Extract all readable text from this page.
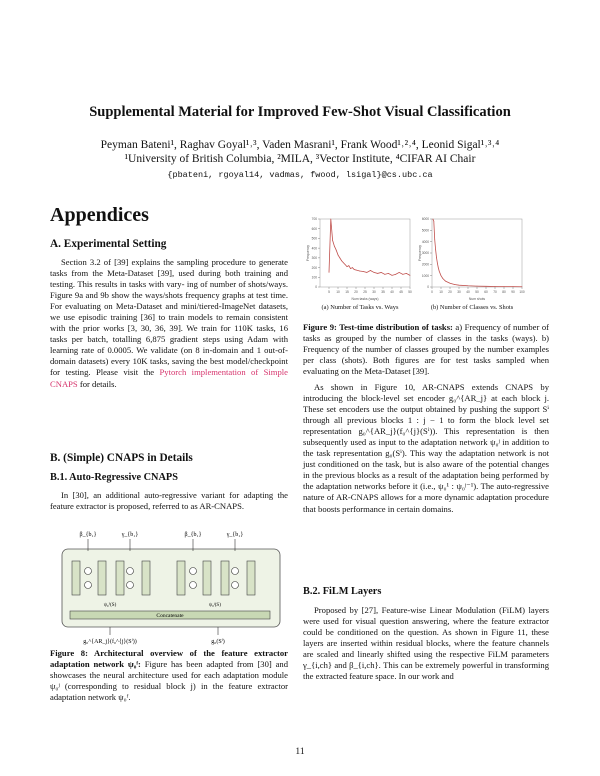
Supplemental Material for Improved Few-Shot Visual Classification
Peyman Bateni¹, Raghav Goyal¹˒³, Vaden Masrani¹, Frank Wood¹˒²˒⁴, Leonid Sigal¹˒³˒⁴
¹University of British Columbia, ²MILA, ³Vector Institute, ⁴CIFAR AI Chair
{pbateni, rgoyal14, vadmas, fwood, lsigal}@cs.ubc.ca
Appendices
A. Experimental Setting

Section 3.2 of [39] explains the sampling procedure to generate tasks from the Meta-Dataset [39], used during both training and testing. This results in tasks with vary- ing of number of shots/ways. Figure 9a and 9b show the ways/shots frequency graphs at test time. For evaluating on Meta-Dataset and mini/tiered-ImageNet datasets, we use episodic training [36] to train models to remain consistent with the prior works [3, 30, 36, 39]. We train for 110K tasks, 16 tasks per batch, totalling 6,875 gradient steps using Adam with learning rate of 0.0005. We validate (on 8 in-domain and 1 out-of-domain datasets) every 10K tasks, saving the best model/checkpoint for testing. Please visit the Pytorch implementation of Simple CNAPS for details.

B. (Simple) CNAPS in Details
B.1. Auto-Regressive CNAPS

In [30], an additional auto-regressive variant for adapting the feature extractor is proposed, referred to as AR-CNAPS.

β_{b₁}	γ_{b₁}	β_{b₁}	γ_{b₁}
ψ₀¹(S)	ψ₀ʲ(S)
Concatenate
g₀^{AR_j}(f₀^{j}(Sⁱ))	g₀(Sⁱ)
Figure 8: Architectural overview of the feature extractor adaptation network ψ₀ᶠ: Figure has been adapted from [30] and showcases the neural architecture used for each adaptation module ψ₀ʲ (corresponding to residual block j) in the feature extractor adaptation network ψ₀ᶠ.
0
100
200
300
400
500
600
700
5 10 15 20 25 30 35 40 45 50
Num tasks (ways)
Frequency
0
1000
2000
3000
4000
5000
6000
0 10 20 30 40 50 60 70 80 90 100
Num shots
Frequency
(a) Number of Tasks vs. Ways	(b) Number of Classes vs. Shots
Figure 9: Test-time distribution of tasks: a) Frequency of number of tasks as grouped by the number of classes in the tasks (ways). b) Frequency of the number of classes grouped by the number examples per class (shots). Both figures are for test tasks sampled when evaluating on the Meta-Dataset [39].

As shown in Figure 10, AR-CNAPS extends CNAPS by introducing the block-level set encoder g₀^{AR_j} at each block j. These set encoders use the output obtained by pushing the support Sⁱ through all previous blocks 1 : j − 1 to form the block level set representation g₀^{AR_j}(f₀^{j}(Sⁱ)). This representation is then subsequently used as input to the adaptation network ψ₀ʲ in addition to the task representation g₀(Sⁱ). This way the adaptation network is not just conditioned on the task, but is also aware of the potential changes in the previous blocks as a result of the adaptation being performed by the adaptation networks before it (i.e., ψ₀¹ : ψ₀ʲ⁻¹). The auto-regressive nature of AR-CNAPS allows for a more dynamic adaptation procedure that boosts performance in certain domains.

B.2. FiLM Layers

Proposed by [27], Feature-wise Linear Modulation (FiLM) layers were used for visual question answering, where the feature extractor could be conditioned on the question. As shown in Figure 11, these layers are inserted within residual blocks, where the feature channels are scaled and linearly shifted using the respective FiLM parameters γ_{i,ch} and β_{i,ch}. This can be extremely powerful in transforming the extracted feature space. In our work and

11
